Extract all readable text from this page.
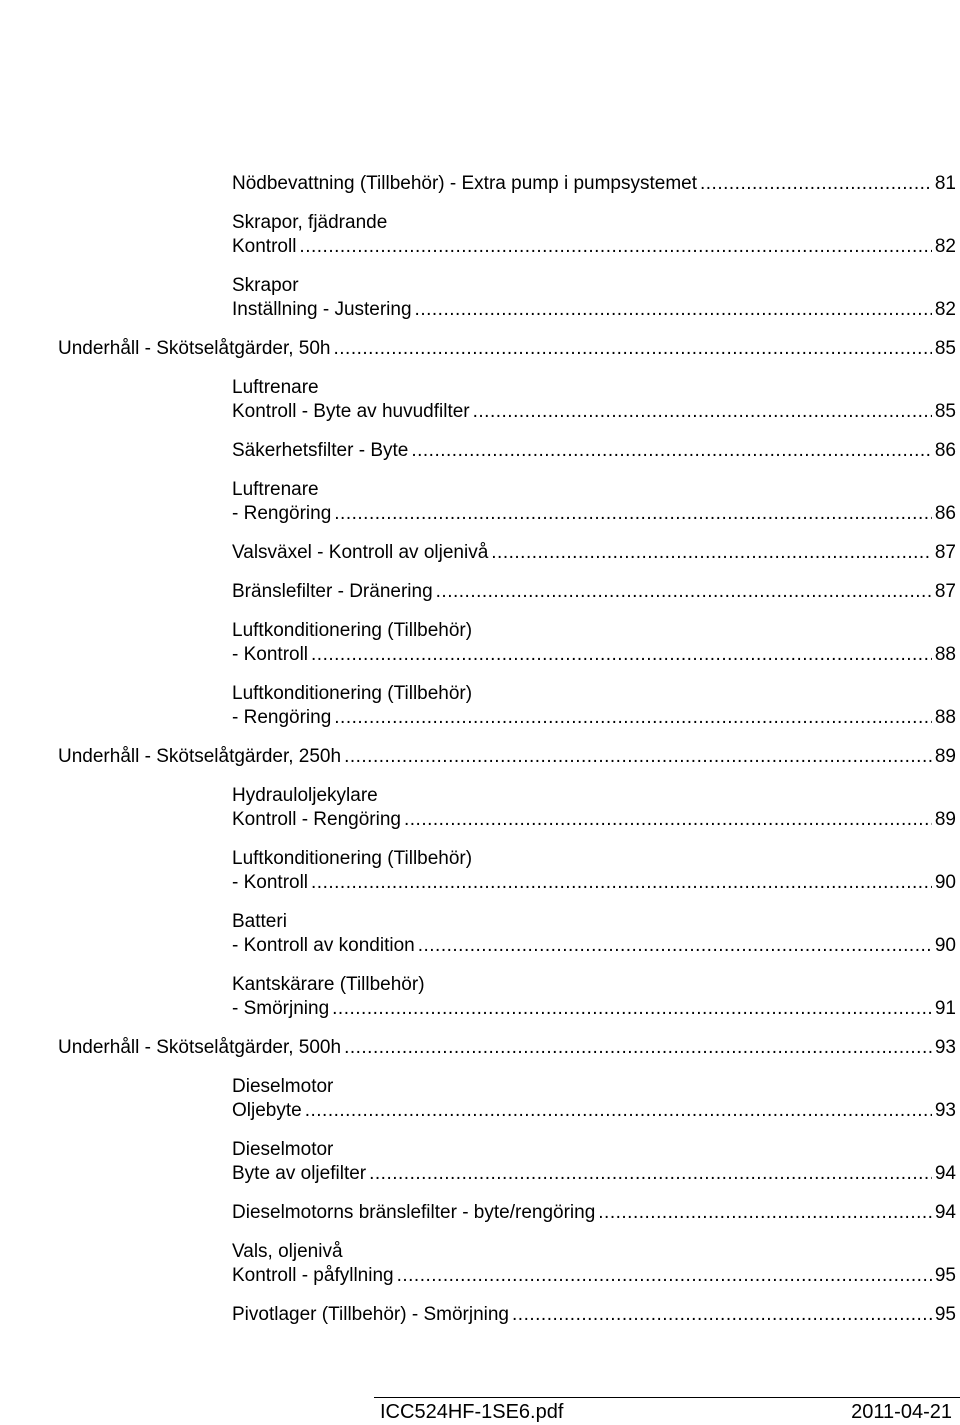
Nödbevattning (Tillbehör) - Extra pump i pumpsystemet .....	81
Skrapor, fjädrande
Kontroll .....	82
Skrapor
Inställning - Justering .....	82
Underhåll - Skötselåtgärder, 50h .....	85
Luftrenare
Kontroll - Byte av huvudfilter .....	85
Säkerhetsfilter - Byte .....	86
Luftrenare
- Rengöring .....	86
Valsväxel - Kontroll av oljenivå .....	87
Bränslefilter - Dränering .....	87
Luftkonditionering (Tillbehör)
- Kontroll .....	88
Luftkonditionering (Tillbehör)
- Rengöring .....	88
Underhåll - Skötselåtgärder, 250h .....	89
Hydrauloljekylare
Kontroll - Rengöring .....	89
Luftkonditionering (Tillbehör)
- Kontroll .....	90
Batteri
- Kontroll av kondition .....	90
Kantskärare (Tillbehör)
- Smörjning .....	91
Underhåll - Skötselåtgärder, 500h .....	93
Dieselmotor
Oljebyte .....	93
Dieselmotor
Byte av oljefilter .....	94
Dieselmotorns bränslefilter - byte/rengöring .....	94
Vals, oljenivå
Kontroll - påfyllning .....	95
Pivotlager (Tillbehör) - Smörjning .....	95
ICC524HF-1SE6.pdf	2011-04-21
